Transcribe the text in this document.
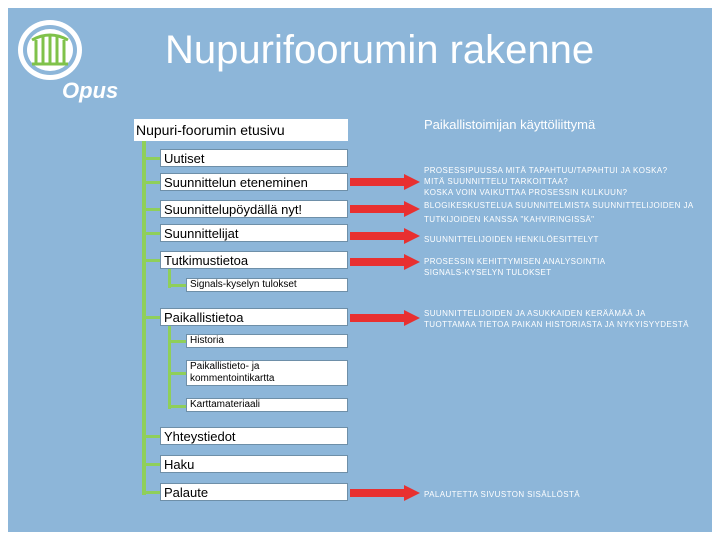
Opus
Nupurifoorumin rakenne
Nupuri-foorumin etusivu
Uutiset
Suunnittelun eteneminen
Suunnittelupöydällä nyt!
Suunnittelijat
Tutkimustietoa
Signals-kyselyn tulokset
Paikallistietoa
Historia
Paikallistieto- ja
kommentointikartta
Karttamateriaali
Yhteystiedot
Haku
Palaute
Paikallistoimijan käyttöliittymä
PROSESSIPUUSSA MITÄ TAPAHTUU/TAPAHTUI JA KOSKA?
MITÄ SUUNNITTELU TARKOITTAA?
KOSKA VOIN VAIKUTTAA PROSESSIN KULKUUN?
BLOGIKESKUSTELUA SUUNNITELMISTA SUUNNITTELIJOIDEN JA
TUTKIJOIDEN KANSSA "KAHVIRINGISSÄ"
SUUNNITTELIJOIDEN HENKILÖESITTELYT
PROSESSIN KEHITTYMISEN ANALYSOINTIA
SIGNALS-KYSELYN TULOKSET
SUUNNITTELIJOIDEN JA ASUKKAIDEN KERÄÄMÄÄ JA
TUOTTAMAA TIETOA PAIKAN HISTORIASTA JA NYKYISYYDESTÄ
PALAUTETTA SIVUSTON SISÄLLÖSTÄ
